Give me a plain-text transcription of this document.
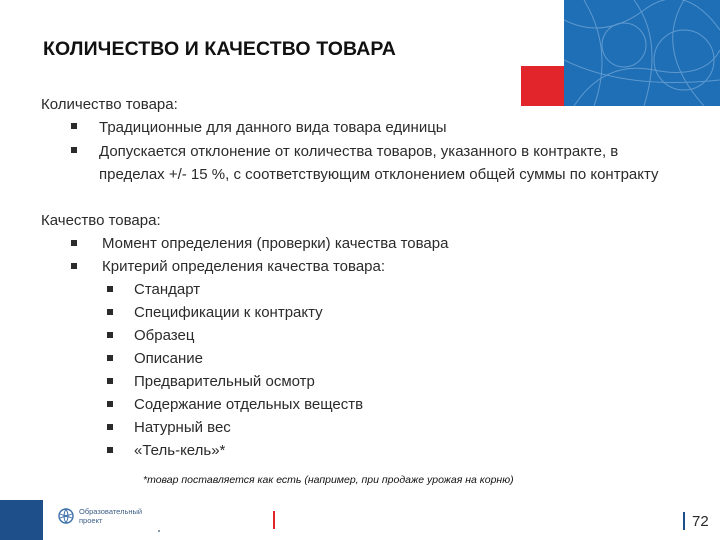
КОЛИЧЕСТВО И КАЧЕСТВО ТОВАРА
Количество товара:
Традиционные для данного вида товара единицы
Допускается отклонение от количества товаров, указанного в контракте, в
пределах +/- 15 %, с соответствующим отклонением общей суммы по контракту
Качество товара:
Момент определения (проверки) качества товара
Критерий определения качества товара:
Стандарт
Спецификации к контракту
Образец
Описание
Предварительный осмотр
Содержание отдельных веществ
Натурный вес
«Тель-кель»*
*товар поставляется как есть (например, при продаже урожая на корню)
Образовательный
проект	72
